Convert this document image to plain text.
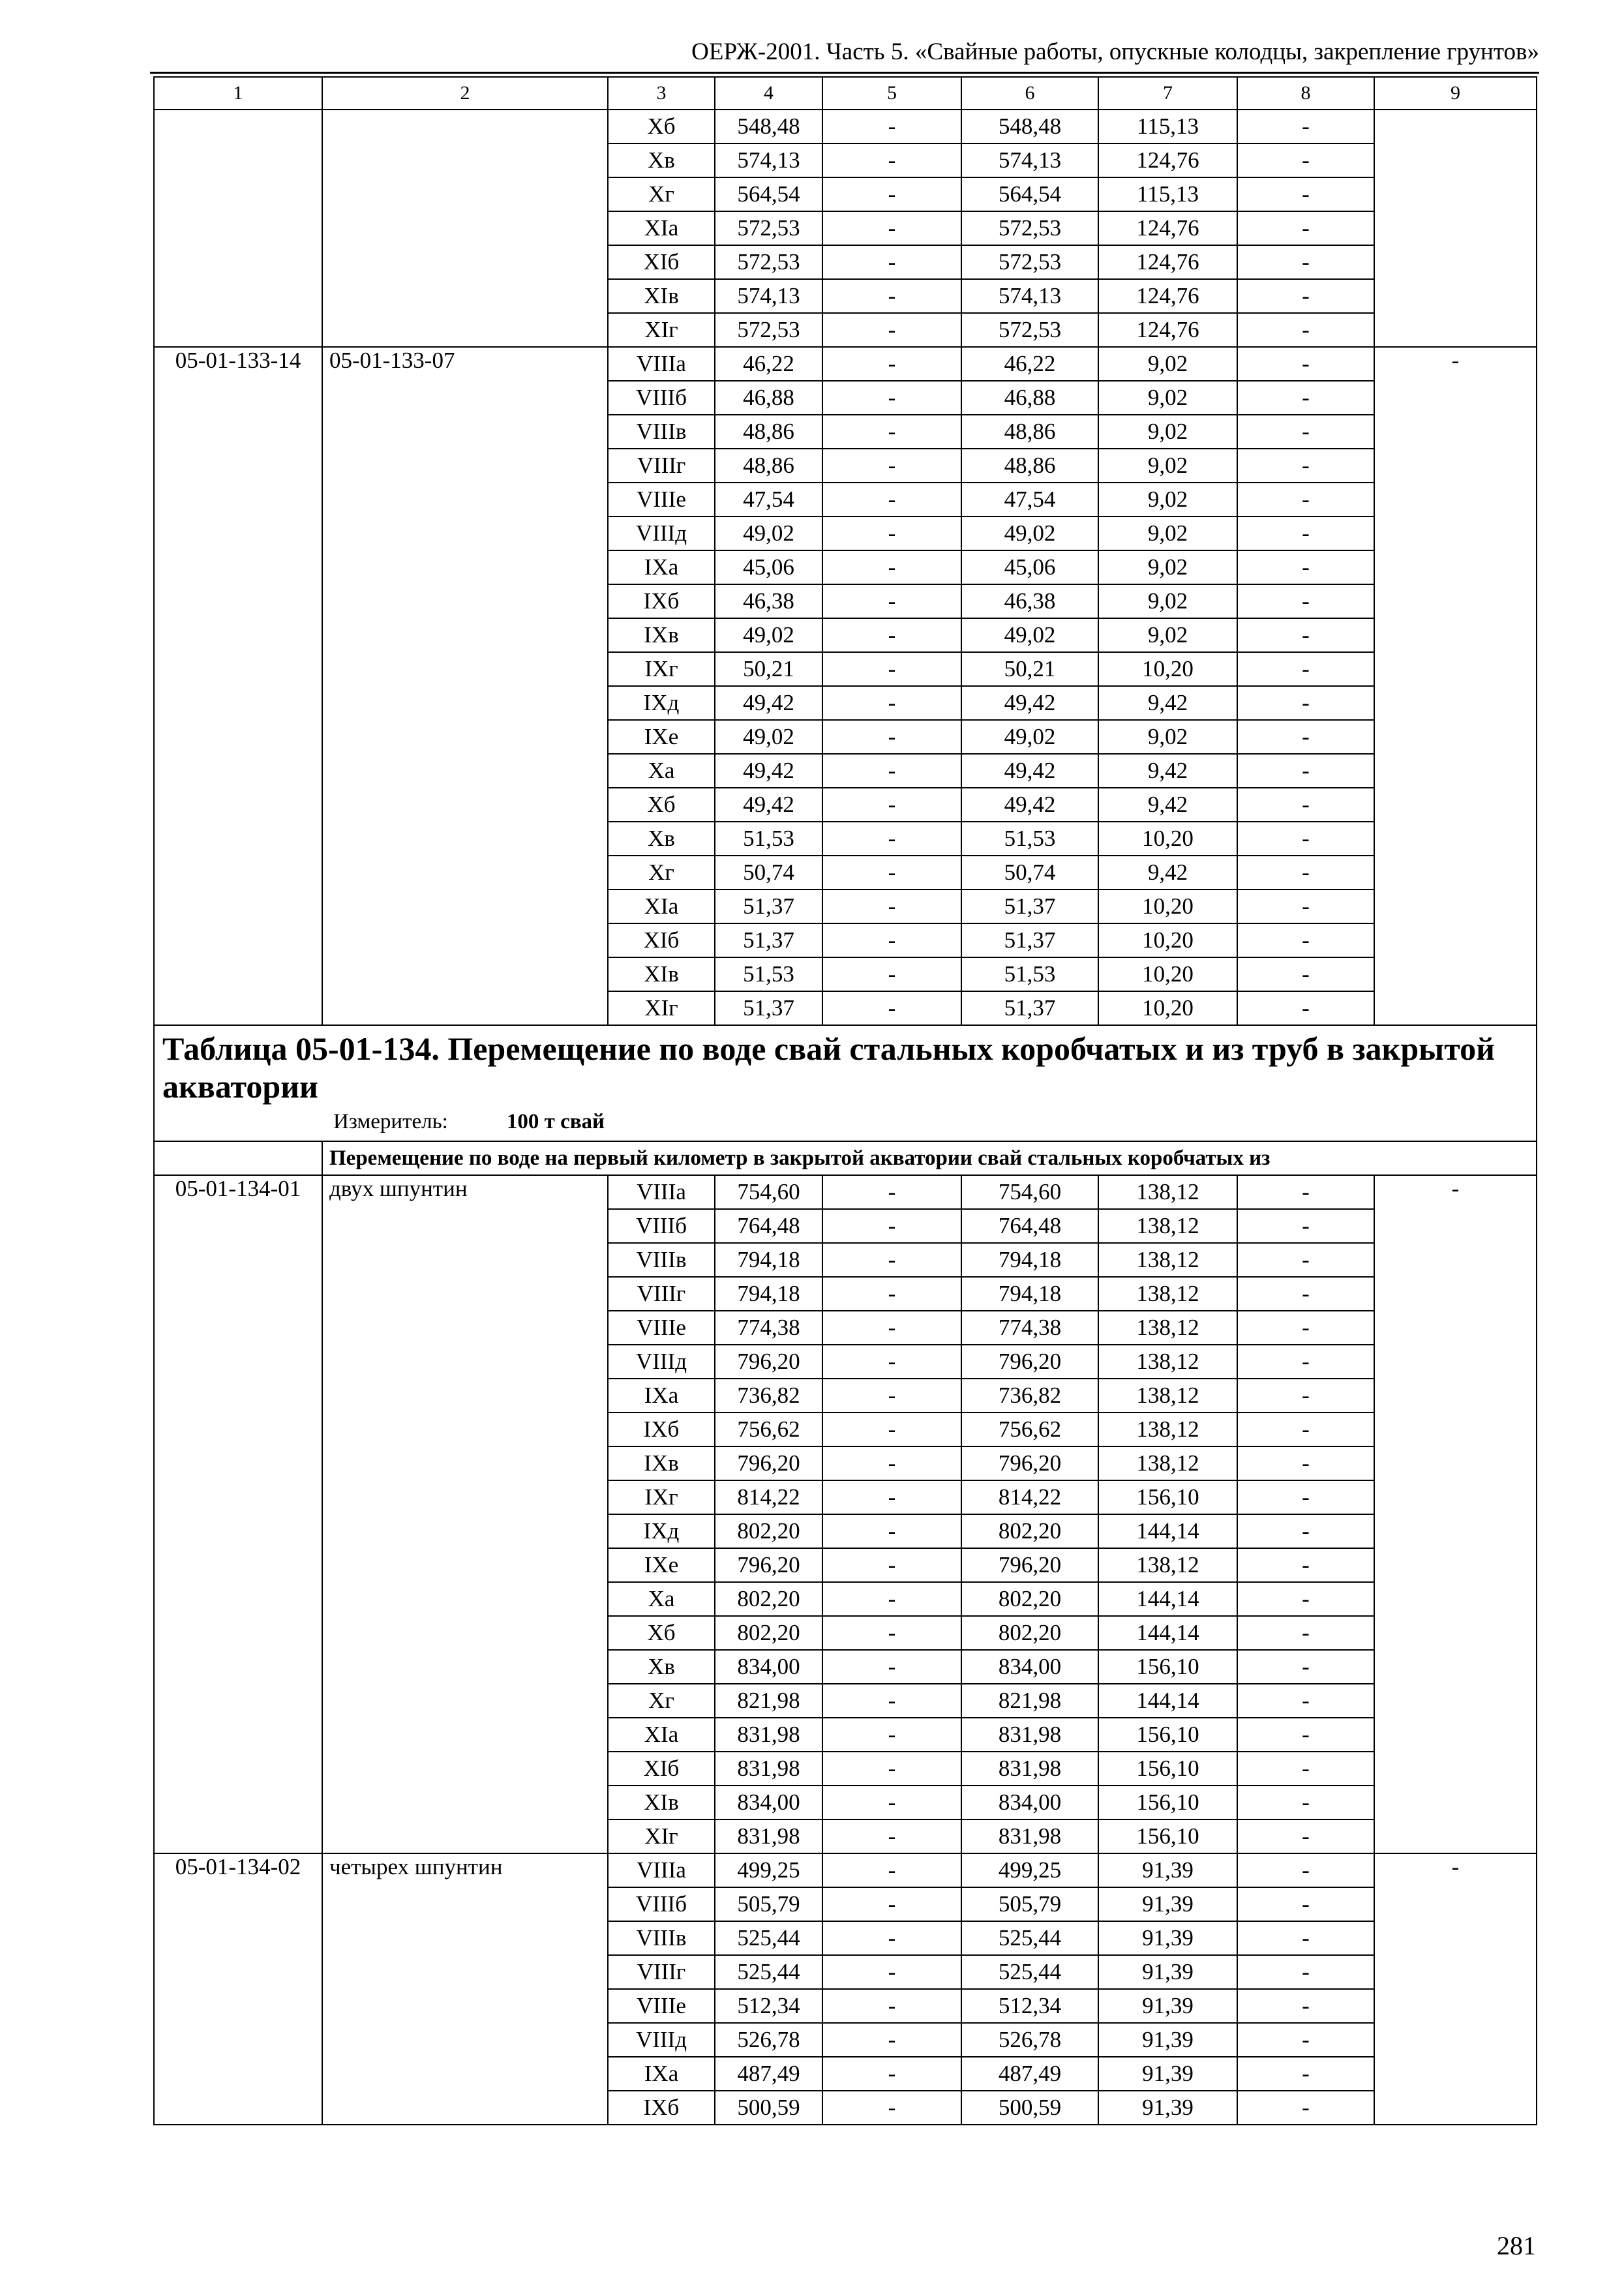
ОЕРЖ-2001. Часть 5. «Свайные работы, опускные колодцы, закрепление грунтов»
1	2	3	4	5	6	7	8	9
		Xб	548,48	-	548,48	115,13	-	
		Xв	574,13	-	574,13	124,76	-	
		Xг	564,54	-	564,54	115,13	-	
		XIа	572,53	-	572,53	124,76	-	
		XIб	572,53	-	572,53	124,76	-	
		XIв	574,13	-	574,13	124,76	-	
		XIг	572,53	-	572,53	124,76	-	
05-01-133-14	05-01-133-07	VIIIа	46,22	-	46,22	9,02	-	-
		VIIIб	46,88	-	46,88	9,02	-	
		VIIIв	48,86	-	48,86	9,02	-	
		VIIIг	48,86	-	48,86	9,02	-	
		VIIIе	47,54	-	47,54	9,02	-	
		VIIIд	49,02	-	49,02	9,02	-	
		IXа	45,06	-	45,06	9,02	-	
		IXб	46,38	-	46,38	9,02	-	
		IXв	49,02	-	49,02	9,02	-	
		IXг	50,21	-	50,21	10,20	-	
		IXд	49,42	-	49,42	9,42	-	
		IXе	49,02	-	49,02	9,02	-	
		Xа	49,42	-	49,42	9,42	-	
		Xб	49,42	-	49,42	9,42	-	
		Xв	51,53	-	51,53	10,20	-	
		Xг	50,74	-	50,74	9,42	-	
		XIа	51,37	-	51,37	10,20	-	
		XIб	51,37	-	51,37	10,20	-	
		XIв	51,53	-	51,53	10,20	-	
		XIг	51,37	-	51,37	10,20	-	

Таблица 05-01-134. Перемещение по воде свай стальных коробчатых и из труб в закрытой акватории
Измеритель: 100 т свай								

	Перемещение по воде на первый километр в закрытой акватории свай стальных коробчатых из							
05-01-134-01	двух шпунтин	VIIIа	754,60	-	754,60	138,12	-	-
		VIIIб	764,48	-	764,48	138,12	-	
		VIIIв	794,18	-	794,18	138,12	-	
		VIIIг	794,18	-	794,18	138,12	-	
		VIIIе	774,38	-	774,38	138,12	-	
		VIIIд	796,20	-	796,20	138,12	-	
		IXа	736,82	-	736,82	138,12	-	
		IXб	756,62	-	756,62	138,12	-	
		IXв	796,20	-	796,20	138,12	-	
		IXг	814,22	-	814,22	156,10	-	
		IXд	802,20	-	802,20	144,14	-	
		IXе	796,20	-	796,20	138,12	-	
		Xа	802,20	-	802,20	144,14	-	
		Xб	802,20	-	802,20	144,14	-	
		Xв	834,00	-	834,00	156,10	-	
		Xг	821,98	-	821,98	144,14	-	
		XIа	831,98	-	831,98	156,10	-	
		XIб	831,98	-	831,98	156,10	-	
		XIв	834,00	-	834,00	156,10	-	
		XIг	831,98	-	831,98	156,10	-	
05-01-134-02	четырех шпунтин	VIIIа	499,25	-	499,25	91,39	-	-
		VIIIб	505,79	-	505,79	91,39	-	
		VIIIв	525,44	-	525,44	91,39	-	
		VIIIг	525,44	-	525,44	91,39	-	
		VIIIе	512,34	-	512,34	91,39	-	
		VIIIд	526,78	-	526,78	91,39	-	
		IXа	487,49	-	487,49	91,39	-	
		IXб	500,59	-	500,59	91,39	-	
281
